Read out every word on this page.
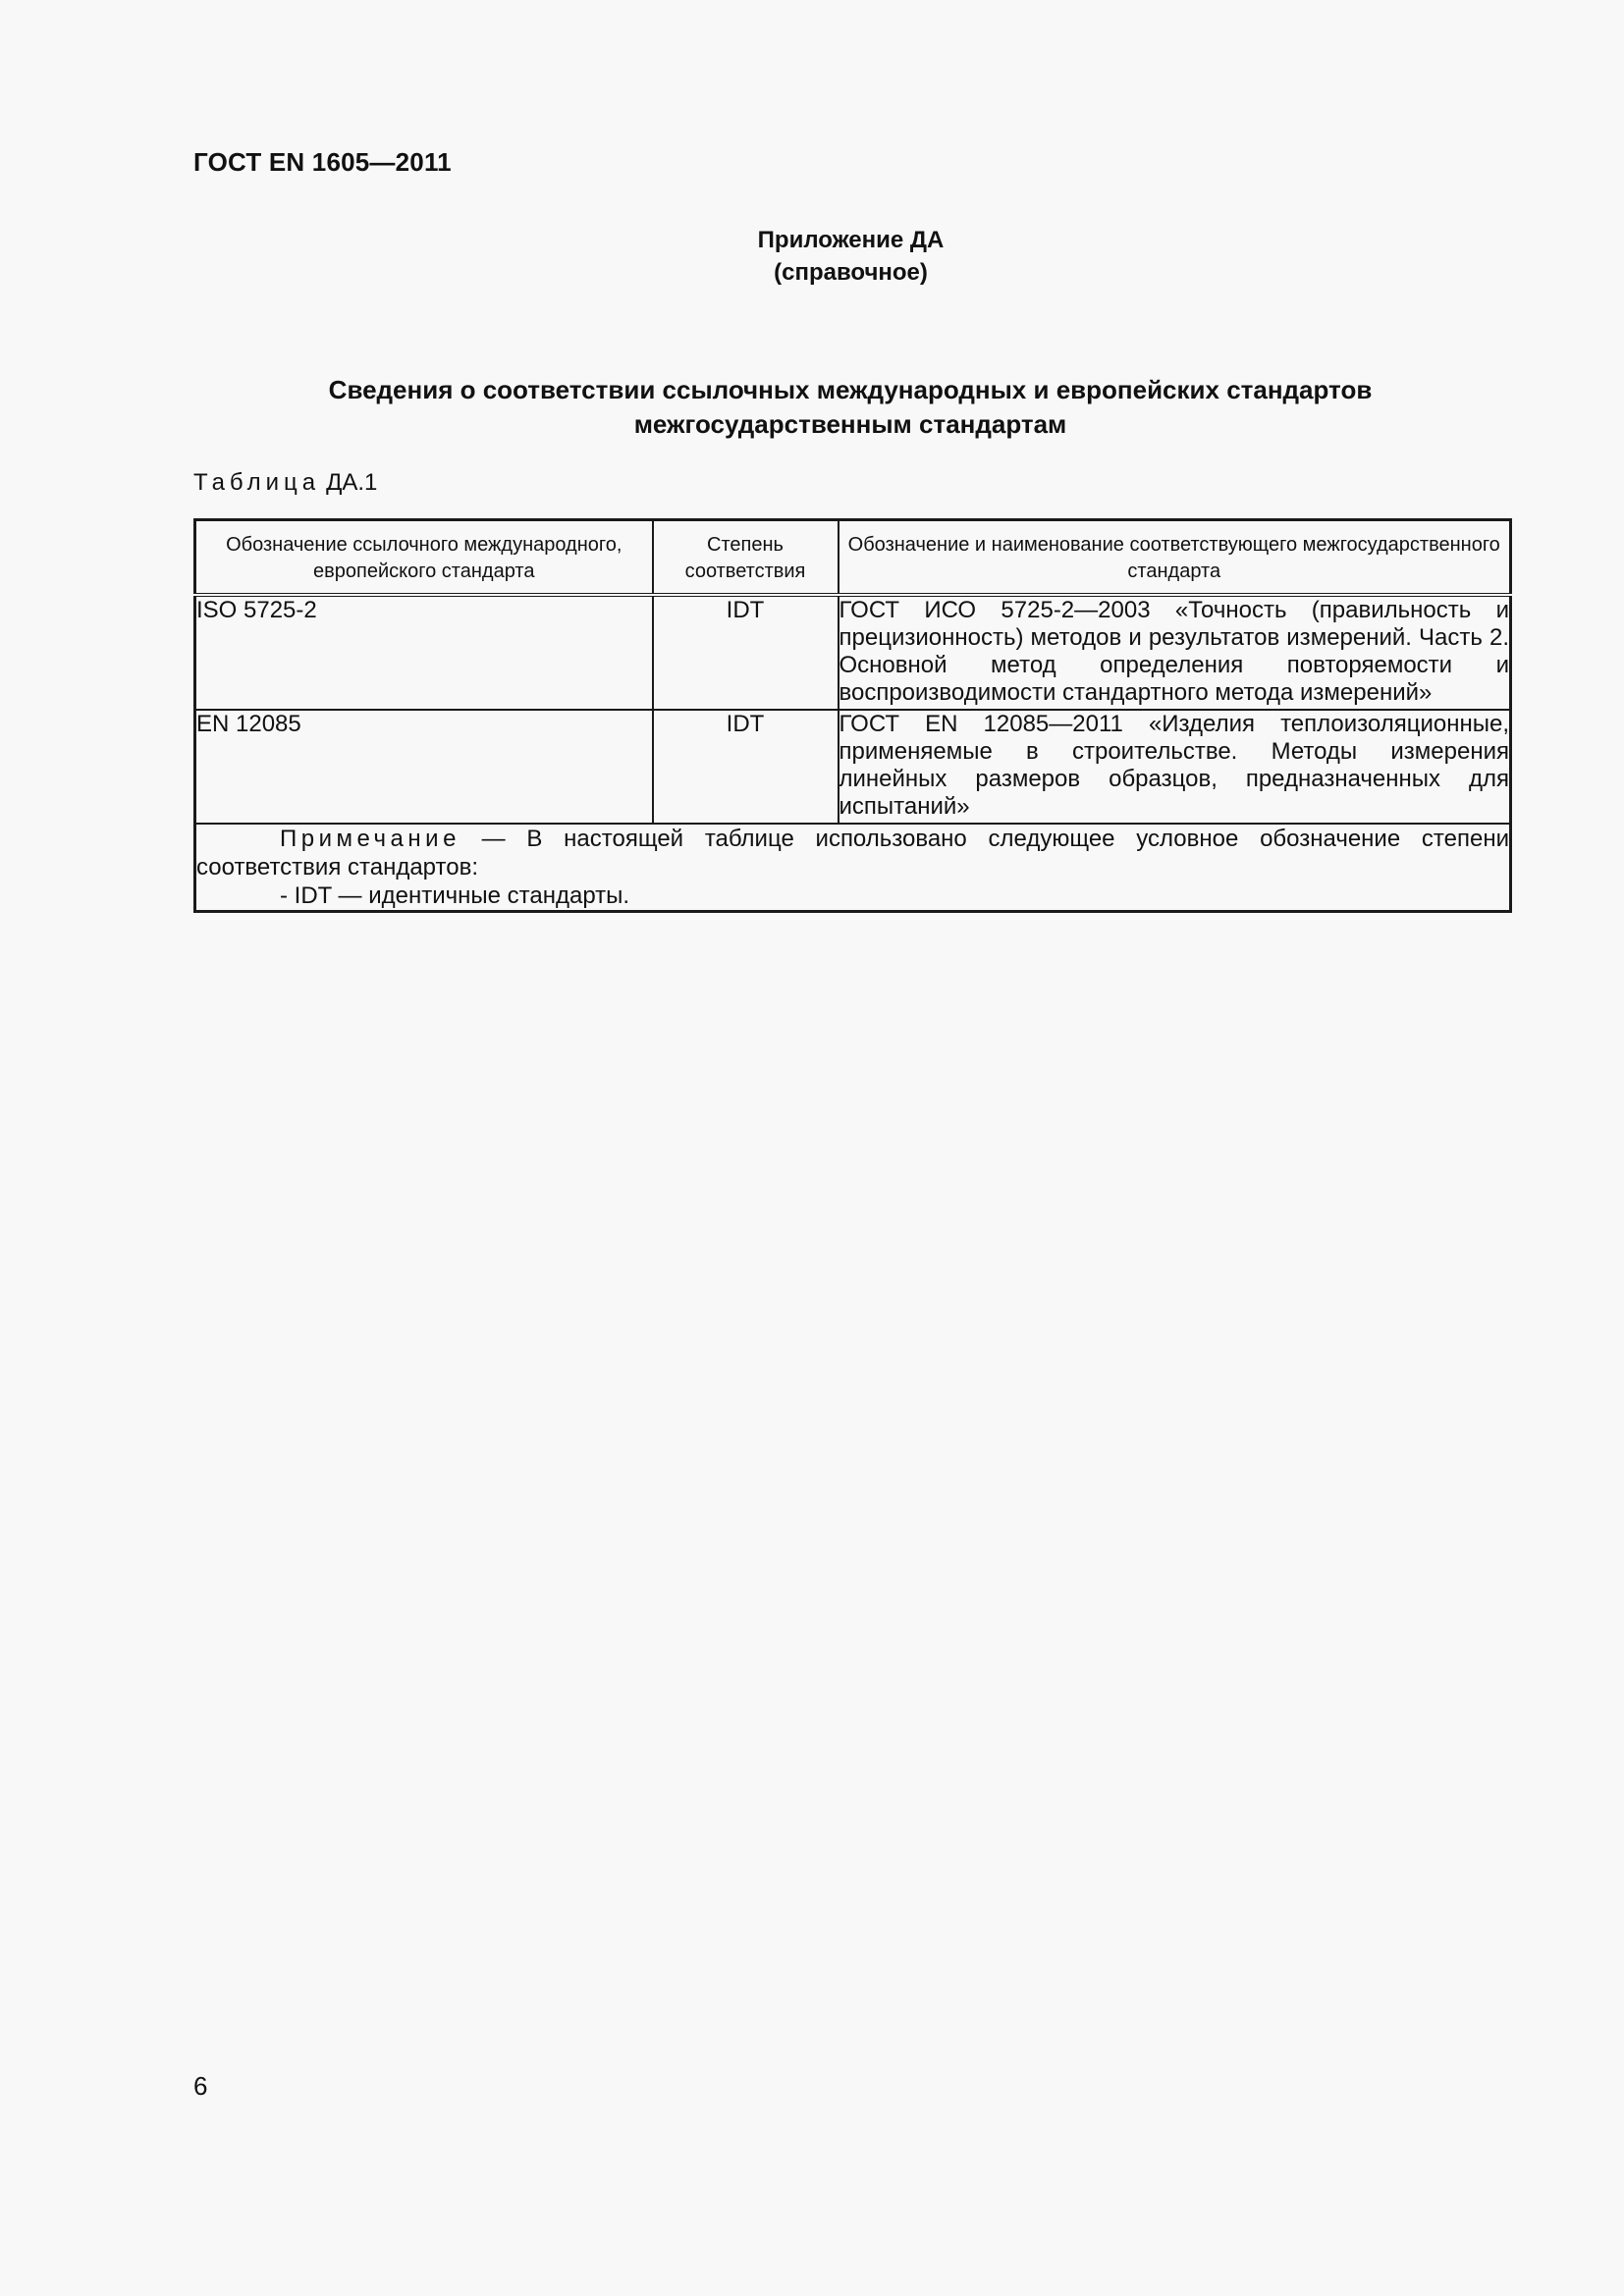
ГОСТ EN 1605—2011
Приложение ДА
(справочное)
Сведения о соответствии ссылочных международных и европейских стандартов
межгосударственным стандартам
Таблица ДА.1
Обозначение ссылочного международного, европейского стандарта	Степень соответствия	Обозначение и наименование соответствующего межгосударственного стандарта
ISO 5725-2	IDT	ГОСТ ИСО 5725-2—2003 «Точность (правильность и прецизионность) методов и результатов измерений. Часть 2. Основной метод определения повторяемости и воспроизводимости стандартного метода измерений»
EN 12085	IDT	ГОСТ EN 12085—2011 «Изделия теплоизоляционные, применяемые в строительстве. Методы измерения линейных размеров образцов, предназначенных для испытаний»

Примечание — В настоящей таблице использовано следующее условное обозначение степени соответствия стандартов:
- IDT — идентичные стандарты.		
6
